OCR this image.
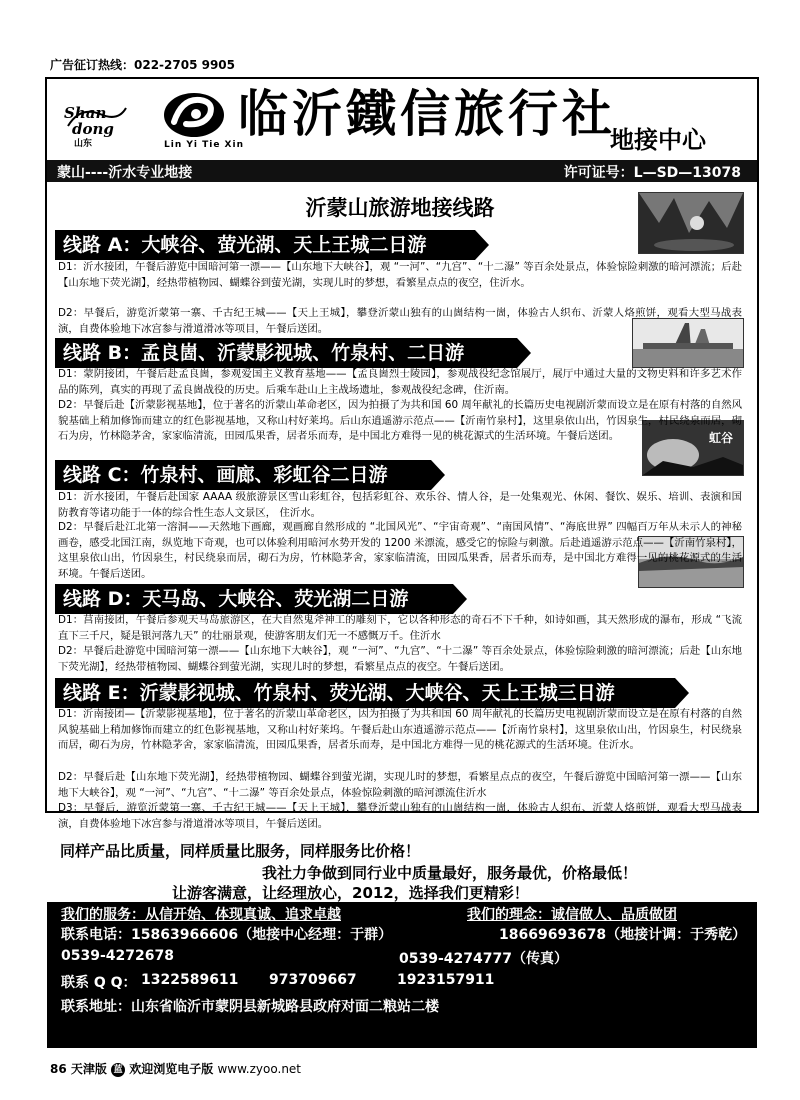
广告征订热线：022-2705 9905
Shan
dong
山东	Lin Yi Tie Xin
临沂鐵信旅行社
地接中心
蒙山----沂水专业地接	许可证号：L—SD—13078
沂蒙山旅游地接线路
虹谷
线路 A：大峡谷、萤光湖、天上王城二日游

D1：沂水接团，午餐后游览中国暗河第一漂——【山东地下大峡谷】，观 “一河”、“九宫”、“十二瀑” 等百余处景点，体验惊险刺激的暗河漂流；后赴【山东地下荧光湖】，经热带植物园、蝴蝶谷到萤光湖，实现儿时的梦想，看繁星点点的夜空，住沂水。

D2：早餐后，游览沂蒙第一寨、千古纪王城——【天上王城】，攀登沂蒙山独有的山崮结构一崮，体验古人织布、沂蒙人烙煎饼，观看大型马战表演，自费体验地下冰宫参与滑道滑冰等项目，午餐后送团。

线路 B：孟良崮、沂蒙影视城、竹泉村、二日游

D1：蒙阴接团，午餐后赴孟良崮，参观爱国主义教育基地——【孟良崮烈士陵园】，参观战役纪念馆展厅，展厅中通过大量的文物史料和许多艺术作品的陈列，真实的再现了孟良崮战役的历史。后乘车赴山上主战场遗址，参观战役纪念碑，住沂南。

D2：早餐后赴【沂蒙影视基地】，位于著名的沂蒙山革命老区，因为拍摄了为共和国 60 周年献礼的长篇历史电视剧沂蒙而设立是在原有村落的自然风貌基础上稍加修饰而建立的红色影视基地，又称山村好莱坞。后山东逍遥游示范点——【沂南竹泉村】，这里泉依山出，竹因泉生，村民绕泉而居，砌石为房，竹林隐茅舍，家家临清流，田园瓜果香，居者乐而寿，是中国北方难得一见的桃花源式的生活环境。午餐后送团。

线路 C：竹泉村、画廊、彩虹谷二日游

D1：沂水接团，午餐后赴国家 AAAA 级旅游景区雪山彩虹谷，包括彩虹谷、欢乐谷、情人谷，是一处集观光、休闲、餐饮、娱乐、培训、表演和国防教育等诸功能于一体的综合性生态人文景区， 住沂水。

D2：早餐后赴江北第一溶洞——天然地下画廊，观画廊自然形成的 “北国风光”、“宇宙奇观”、“南国风情”、“海底世界” 四幅百万年从未示人的神秘画卷，感受北国江南，纵览地下奇观，也可以体验利用暗河水势开发的 1200 米漂流，感受它的惊险与刺激。后赴逍遥游示范点——【沂南竹泉村】，这里泉依山出，竹因泉生，村民绕泉而居，砌石为房，竹林隐茅舍，家家临清流，田园瓜果香，居者乐而寿，是中国北方难得一见的桃花源式的生活环境。午餐后送团。

线路 D：天马岛、大峡谷、荧光湖二日游

D1：莒南接团，午餐后参观天马岛旅游区，在大自然鬼斧神工的雕刻下，它以各种形态的奇石不下千种，如诗如画，其天然形成的瀑布，形成 “飞流直下三千尺，疑是银河落九天” 的壮丽景观，使游客朋友们无一不感慨万千。住沂水

D2：早餐后赴游览中国暗河第一漂——【山东地下大峡谷】，观 “一河”、“九宫”、“十二瀑” 等百余处景点，体验惊险刺激的暗河漂流；后赴【山东地下荧光湖】，经热带植物园、蝴蝶谷到萤光湖，实现儿时的梦想，看繁星点点的夜空。午餐后送团。

线路 E：沂蒙影视城、竹泉村、荧光湖、大峡谷、天上王城三日游

D1：沂南接团—【沂蒙影视基地】，位于著名的沂蒙山革命老区，因为拍摄了为共和国 60 周年献礼的长篇历史电视剧沂蒙而设立是在原有村落的自然风貌基础上稍加修饰而建立的红色影视基地，又称山村好莱坞。午餐后赴山东逍遥游示范点——【沂南竹泉村】，这里泉依山出，竹因泉生，村民绕泉而居，砌石为房，竹林隐茅舍，家家临清流，田园瓜果香，居者乐而寿，是中国北方难得一见的桃花源式的生活环境。住沂水。

D2：早餐后赴【山东地下荧光湖】，经热带植物园、蝴蝶谷到萤光湖，实现儿时的梦想，看繁星点点的夜空，午餐后游览中国暗河第一漂——【山东地下大峡谷】，观 “一河”、“九宫”、“十二瀑” 等百余处景点，体验惊险刺激的暗河漂流住沂水

D3：早餐后，游览沂蒙第一寨、千古纪王城——【天上王城】，攀登沂蒙山独有的山崮结构一崮，体验古人织布、沂蒙人烙煎饼，观看大型马战表演，自费体验地下冰宫参与滑道滑冰等项目，午餐后送团。

同样产品比质量，同样质量比服务，同样服务比价格！
我社力争做到同行业中质量最好，服务最优，价格最低！
让游客满意，让经理放心，2012，选择我们更精彩！
我们的服务：从信开始、体现真诚、追求卓越	我们的理念：诚信做人、品质做团
联系电话：15863966606（地接中心经理：于群）	18669693678（地接计调：于秀乾）
0539-4272678	0539-4274777（传真）
联系 Q Q： 1322589611 973709667	1923157911
联系地址：山东省临沂市蒙阴县新城路县政府对面二粮站二楼
86 天津版 蓝 欢迎浏览电子版 www.zyoo.net
